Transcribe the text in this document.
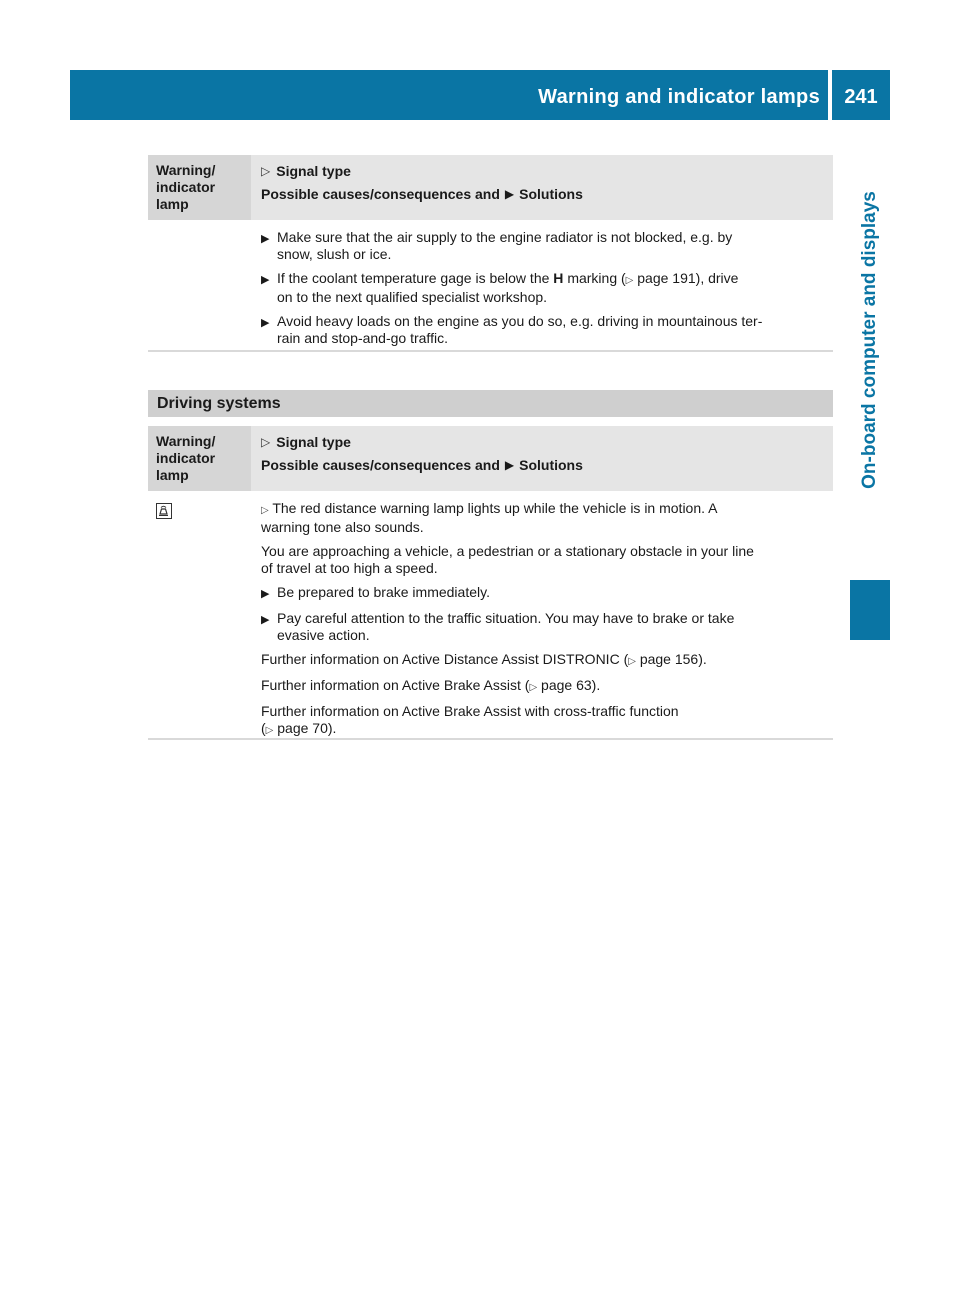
Warning and indicator lamps	241
On-board computer and displays
Warning/
indicator
lamp
▷ Signal type
Possible causes/consequences and ▶ Solutions
▶ Make sure that the air supply to the engine radiator is not blocked, e.g. by
snow, slush or ice.
▶ If the coolant temperature gage is below the H marking (▷ page 191), drive
on to the next qualified specialist workshop.
▶ Avoid heavy loads on the engine as you do so, e.g. driving in mountainous ter-
rain and stop-and-go traffic.
Driving systems
Warning/
indicator
lamp
▷ Signal type
Possible causes/consequences and ▶ Solutions
▷ The red distance warning lamp lights up while the vehicle is in motion. A
warning tone also sounds.
You are approaching a vehicle, a pedestrian or a stationary obstacle in your line
of travel at too high a speed.
▶ Be prepared to brake immediately.
▶ Pay careful attention to the traffic situation. You may have to brake or take
evasive action.
Further information on Active Distance Assist DISTRONIC (▷ page 156).
Further information on Active Brake Assist (▷ page 63).
Further information on Active Brake Assist with cross-traffic function
(▷ page 70).
